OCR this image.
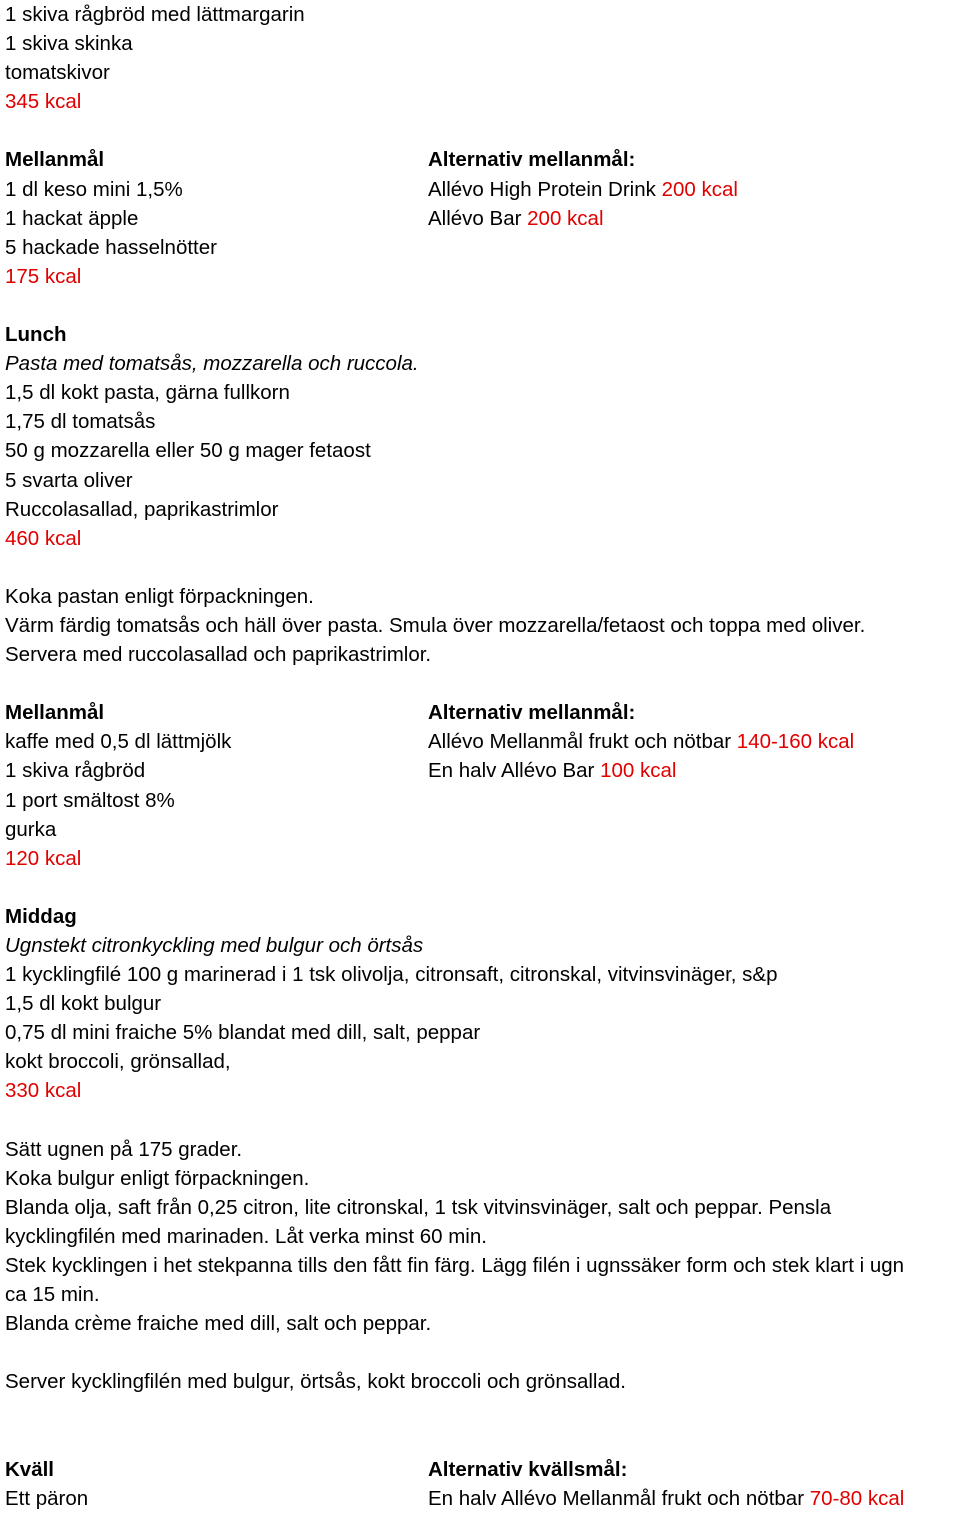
1 skiva rågbröd med lättmargarin
1 skiva skinka
tomatskivor
345 kcal
Mellanmål
1 dl keso mini 1,5%
1 hackat äpple
5 hackade hasselnötter
175 kcal
Alternativ mellanmål:
Allévo High Protein Drink 200 kcal
Allévo Bar 200 kcal
Lunch
Pasta med tomatsås, mozzarella och ruccola.
1,5 dl kokt pasta, gärna fullkorn
1,75 dl tomatsås
50 g mozzarella eller 50 g mager fetaost
5 svarta oliver
Ruccolasallad, paprikastrimlor
460 kcal
Koka pastan enligt förpackningen.
Värm färdig tomatsås och häll över pasta. Smula över mozzarella/fetaost och toppa med oliver.
Servera med ruccolasallad och paprikastrimlor.
Mellanmål
kaffe med 0,5 dl lättmjölk
1 skiva rågbröd
1 port smältost 8%
gurka
120 kcal
Alternativ mellanmål:
Allévo Mellanmål frukt och nötbar 140-160 kcal
En halv Allévo Bar 100 kcal
Middag
Ugnstekt citronkyckling med bulgur och örtsås
1 kycklingfilé 100 g marinerad i 1 tsk olivolja, citronsaft, citronskal, vitvinsvinäger, s&p
1,5 dl kokt bulgur
0,75 dl mini fraiche 5% blandat med dill, salt, peppar
kokt broccoli, grönsallad,
330 kcal
Sätt ugnen på 175 grader.
Koka bulgur enligt förpackningen.
Blanda olja, saft från 0,25 citron, lite citronskal, 1 tsk vitvinsvinäger, salt och peppar. Pensla
kycklingfilén med marinaden. Låt verka minst 60 min.
Stek kycklingen i het stekpanna tills den fått fin färg. Lägg filén i ugnssäker form och stek klart i ugn
ca 15 min.
Blanda crème fraiche med dill, salt och peppar.
Server kycklingfilén med bulgur, örtsås, kokt broccoli och grönsallad.
Kväll
Ett päron
Alternativ kvällsmål:
En halv Allévo Mellanmål frukt och nötbar 70-80 kcal
